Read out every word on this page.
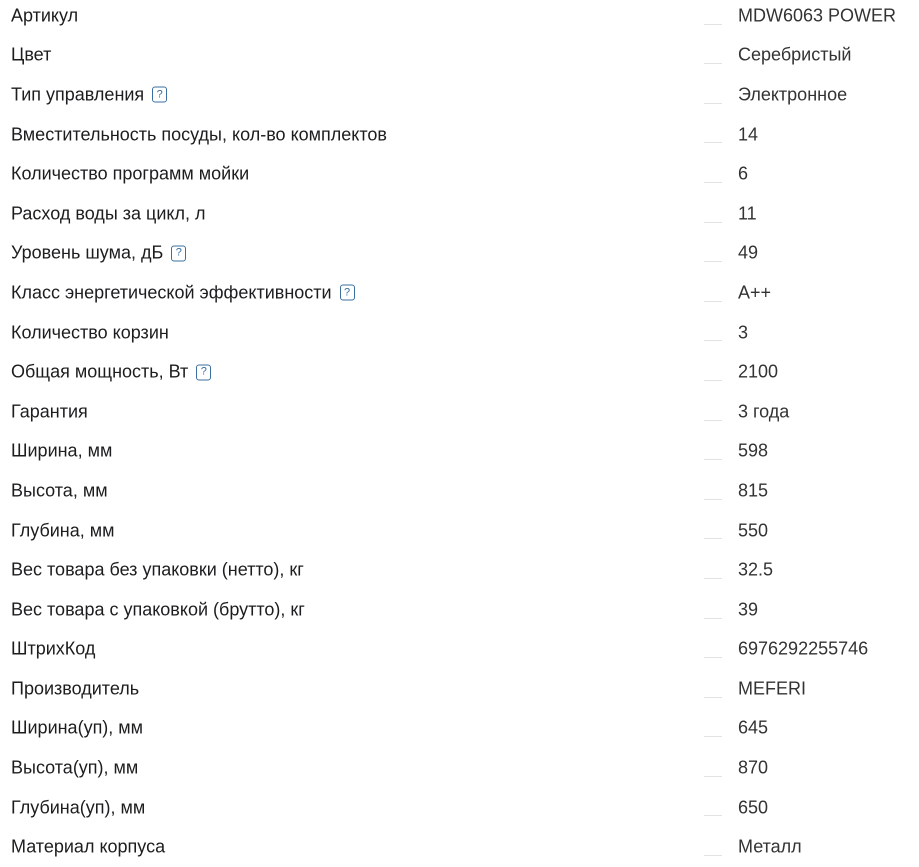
Артикул	MDW6063 POWER
Цвет	Серебристый
Тип управления	?	Электронное
Вместительность посуды, кол-во комплектов	14
Количество программ мойки	6
Расход воды за цикл, л	11
Уровень шума, дБ	?	49
Класс энергетической эффективности	?	A++
Количество корзин	3
Общая мощность, Вт	?	2100
Гарантия	3 года
Ширина, мм	598
Высота, мм	815
Глубина, мм	550
Вес товара без упаковки (нетто), кг	32.5
Вес товара с упаковкой (брутто), кг	39
ШтрихКод	6976292255746
Производитель	MEFERI
Ширина(уп), мм	645
Высота(уп), мм	870
Глубина(уп), мм	650
Материал корпуса	Металл
